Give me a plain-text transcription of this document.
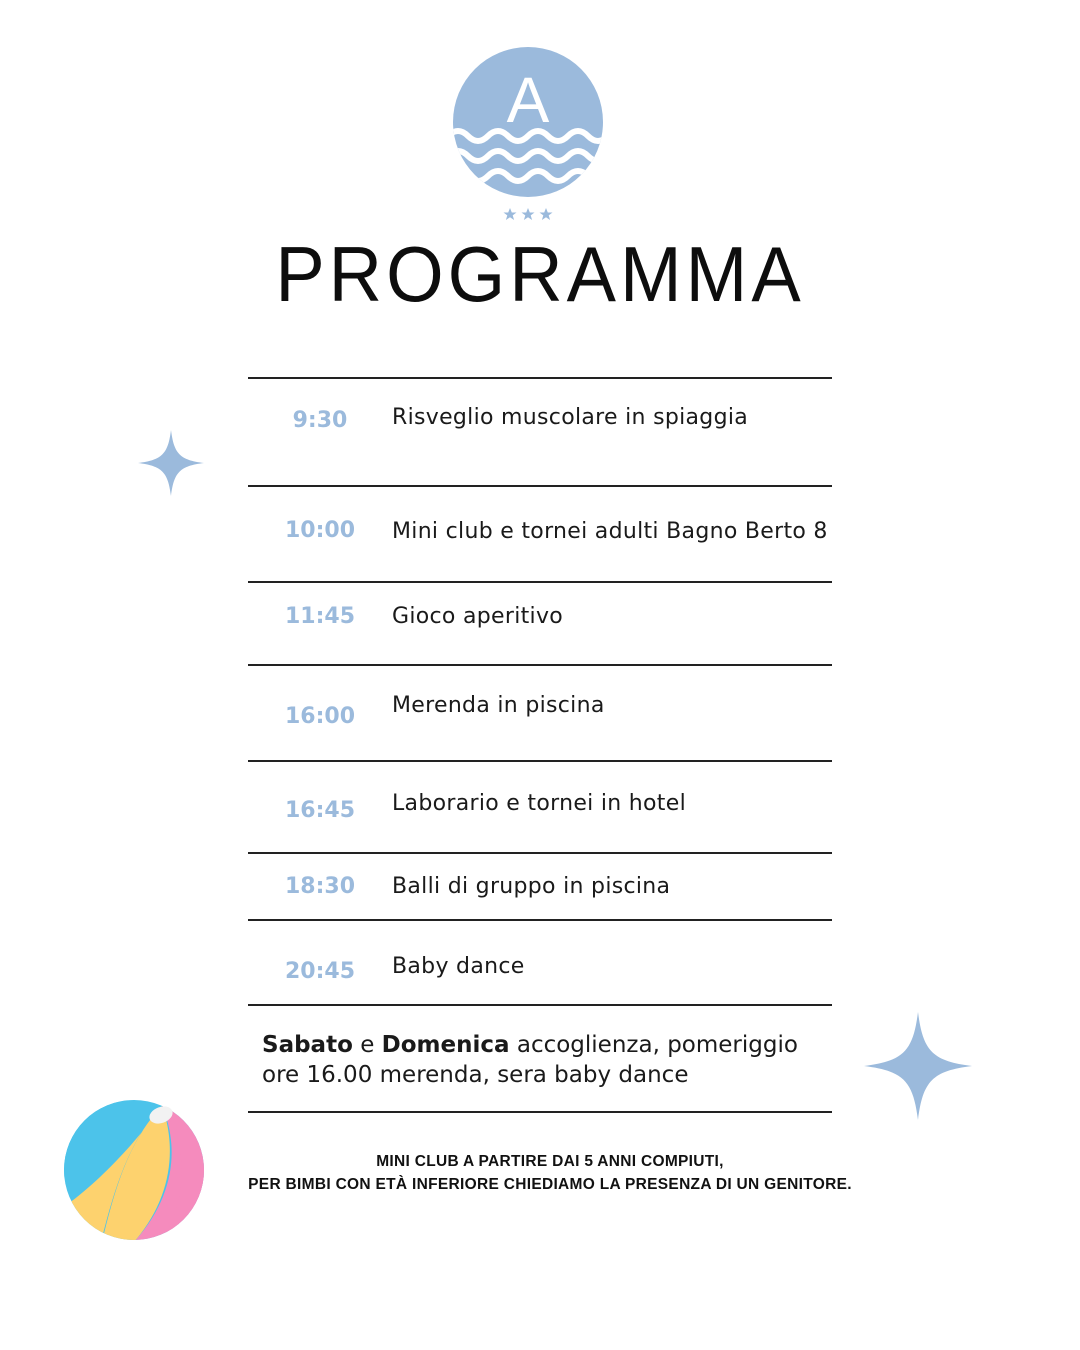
A
PROGRAMMA
9:30	Risveglio muscolare in spiaggia
10:00	Mini club e tornei adulti Bagno Berto 8
11:45	Gioco aperitivo
16:00	Merenda in piscina
16:45	Laborario e tornei in hotel
18:30	Balli di gruppo in piscina
20:45	Baby dance
Sabato e Domenica accoglienza, pomeriggio ore 16.00 merenda, sera baby dance
MINI CLUB A PARTIRE DAI 5 ANNI COMPIUTI,
PER BIMBI CON ETÀ INFERIORE CHIEDIAMO LA PRESENZA DI UN GENITORE.
